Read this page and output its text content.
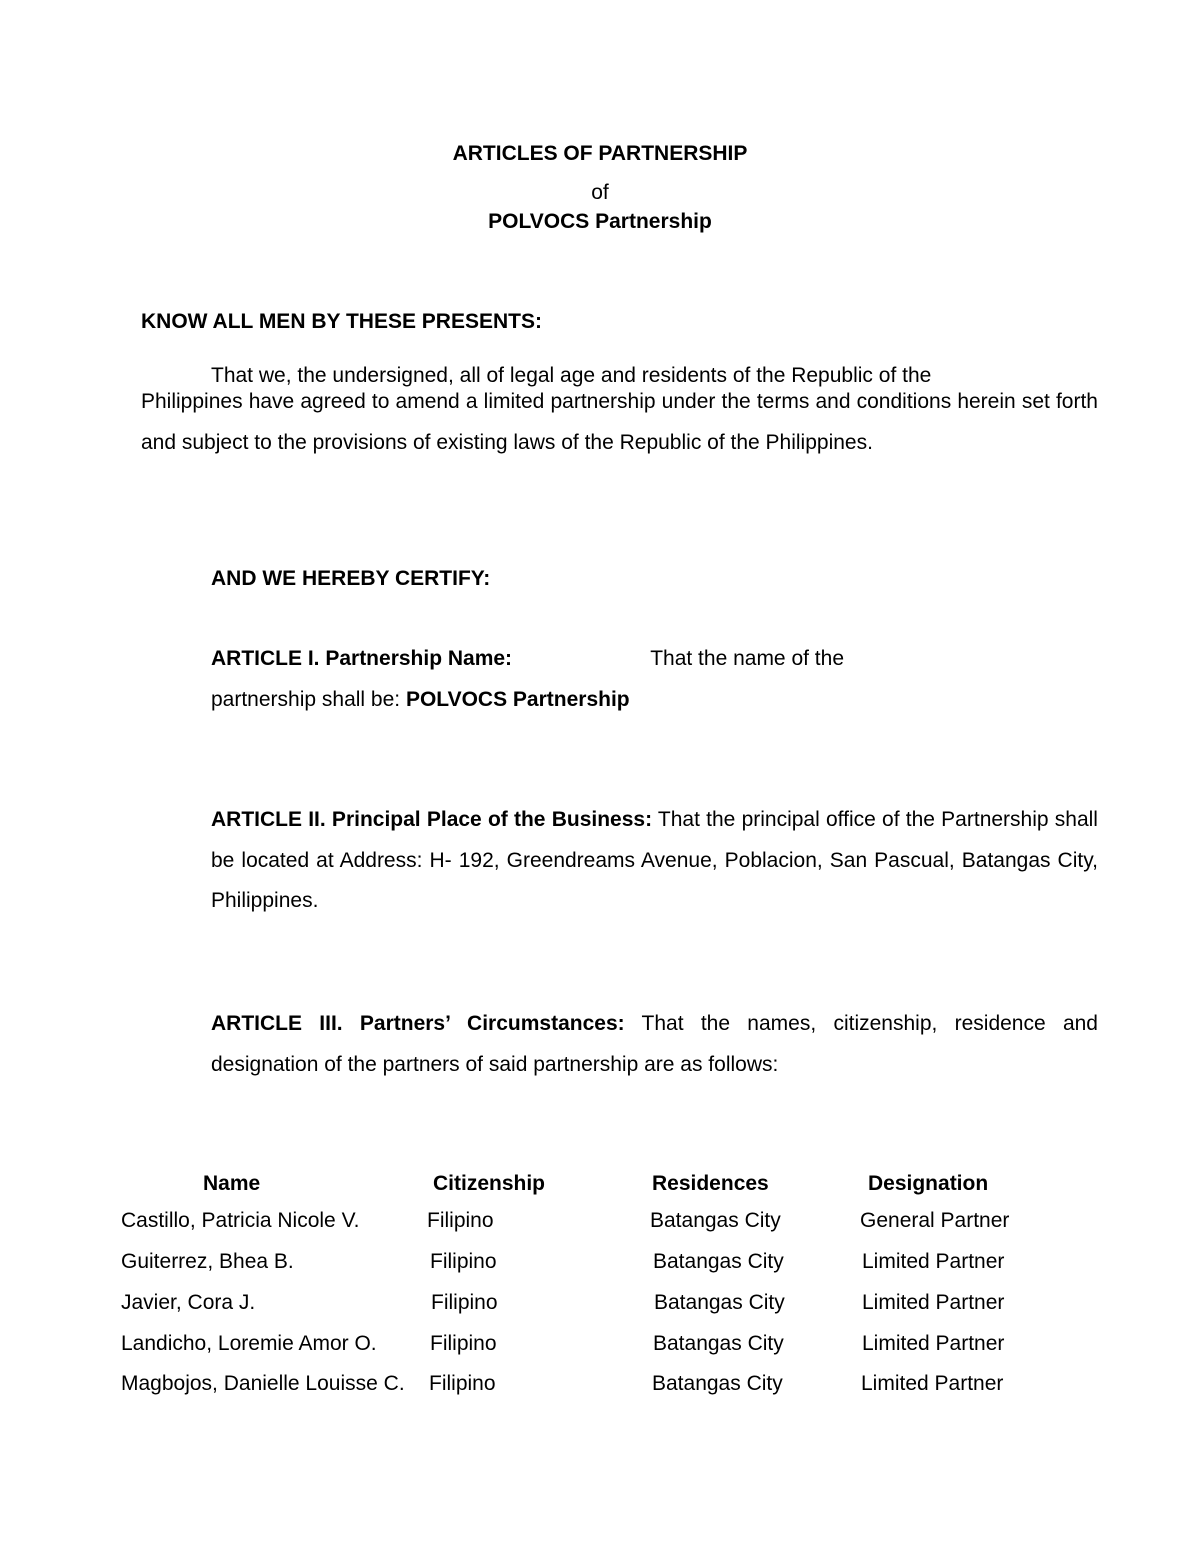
ARTICLES OF PARTNERSHIP
of
POLVOCS Partnership
KNOW ALL MEN BY THESE PRESENTS:
That we, the undersigned, all of legal age and residents of the Republic of the
Philippines have agreed to amend a limited partnership under the terms and conditions herein set forth and subject to the provisions of existing laws of the Republic of the Philippines.
AND WE HEREBY CERTIFY:
ARTICLE I. Partnership Name:	That the name of the
partnership shall be: POLVOCS Partnership
ARTICLE II. Principal Place of the Business: That the principal office of the Partnership shall be located at Address: H- 192, Greendreams Avenue, Poblacion, San Pascual, Batangas City, Philippines.
ARTICLE III. Partners’ Circumstances: That the names, citizenship, residence and designation of the partners of said partnership are as follows:
Name	Citizenship	Residences	Designation
Castillo, Patricia Nicole V.	Filipino	Batangas City	General Partner
Guiterrez, Bhea B.	Filipino	Batangas City	Limited Partner
Javier, Cora J.	Filipino	Batangas City	Limited Partner
Landicho, Loremie Amor O.	Filipino	Batangas City	Limited Partner
Magbojos, Danielle Louisse C. Filipino	Batangas City	Limited Partner
